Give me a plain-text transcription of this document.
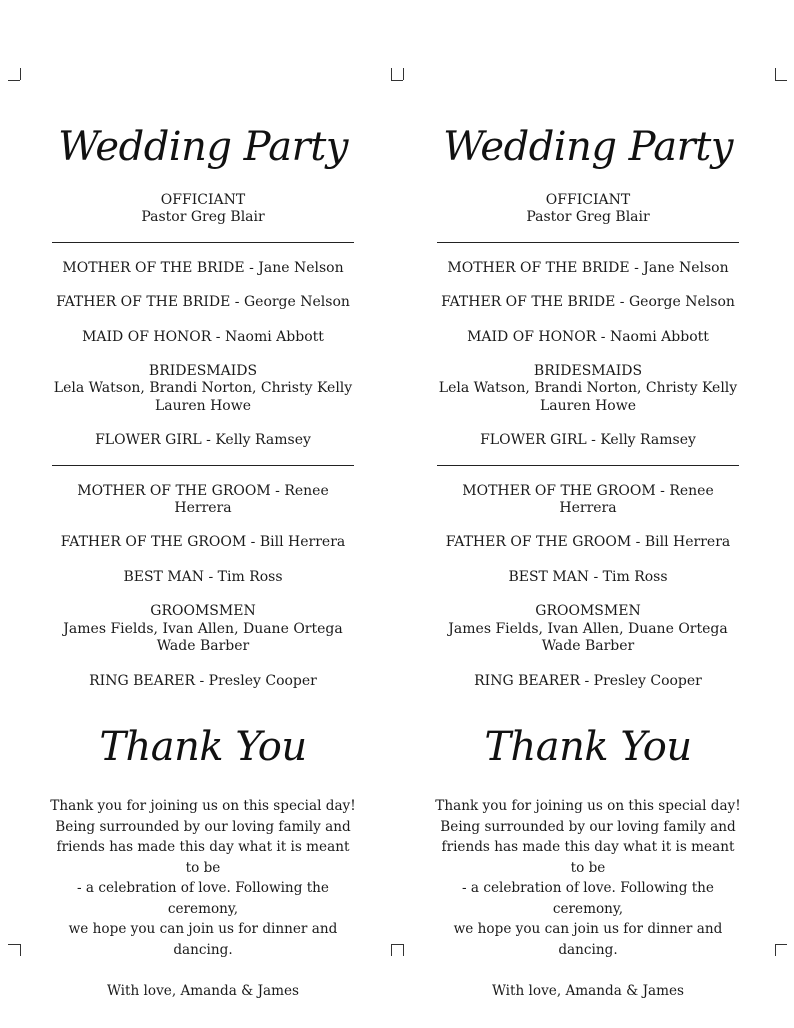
Wedding Party
OFFICIANT
Pastor Greg Blair
MOTHER OF THE BRIDE - Jane Nelson
FATHER OF THE BRIDE - George Nelson
MAID OF HONOR - Naomi Abbott
BRIDESMAIDS
Lela Watson, Brandi Norton, Christy Kelly
Lauren Howe
FLOWER GIRL - Kelly Ramsey
MOTHER OF THE GROOM - Renee Herrera
FATHER OF THE GROOM - Bill Herrera
BEST MAN - Tim Ross
GROOMSMEN
James Fields, Ivan Allen, Duane Ortega
Wade Barber
RING BEARER - Presley Cooper
Thank You
Thank you for joining us on this special day!
Being surrounded by our loving family and
friends has made this day what it is meant to be
- a celebration of love. Following the ceremony,
we hope you can join us for dinner and dancing.
With love, Amanda & James
Wedding Party
OFFICIANT
Pastor Greg Blair
MOTHER OF THE BRIDE - Jane Nelson
FATHER OF THE BRIDE - George Nelson
MAID OF HONOR - Naomi Abbott
BRIDESMAIDS
Lela Watson, Brandi Norton, Christy Kelly
Lauren Howe
FLOWER GIRL - Kelly Ramsey
MOTHER OF THE GROOM - Renee Herrera
FATHER OF THE GROOM - Bill Herrera
BEST MAN - Tim Ross
GROOMSMEN
James Fields, Ivan Allen, Duane Ortega
Wade Barber
RING BEARER - Presley Cooper
Thank You
Thank you for joining us on this special day!
Being surrounded by our loving family and
friends has made this day what it is meant to be
- a celebration of love. Following the ceremony,
we hope you can join us for dinner and dancing.
With love, Amanda & James
